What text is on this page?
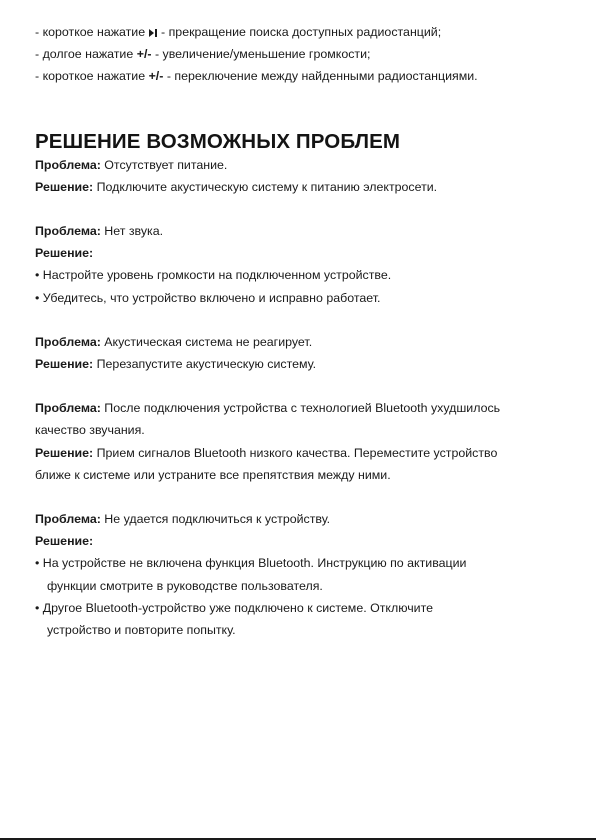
- короткое нажатие
- прекращение поиска доступных радиостанций;
- долгое нажатие +/- - увеличение/уменьшение громкости;
- короткое нажатие +/- - переключение между найденными радиостанциями.
РЕШЕНИЕ ВОЗМОЖНЫХ ПРОБЛЕМ
Проблема: Отсутствует питание.
Решение: Подключите акустическую систему к питанию электросети.
Проблема: Нет звука.
Решение:
• Настройте уровень громкости на подключенном устройстве.
• Убедитесь, что устройство включено и исправно работает.
Проблема: Акустическая система не реагирует.
Решение: Перезапустите акустическую систему.
Проблема: После подключения устройства с технологией Bluetooth ухудшилось
качество звучания.
Решение: Прием сигналов Bluetooth низкого качества. Переместите устройство
ближе к системе или устраните все препятствия между ними.
Проблема: Не удается подключиться к устройству.
Решение:
• На устройстве не включена функция Bluetooth. Инструкцию по активации
функции смотрите в руководстве пользователя.
• Другое Bluetooth-устройство уже подключено к системе. Отключите
устройство и повторите попытку.
